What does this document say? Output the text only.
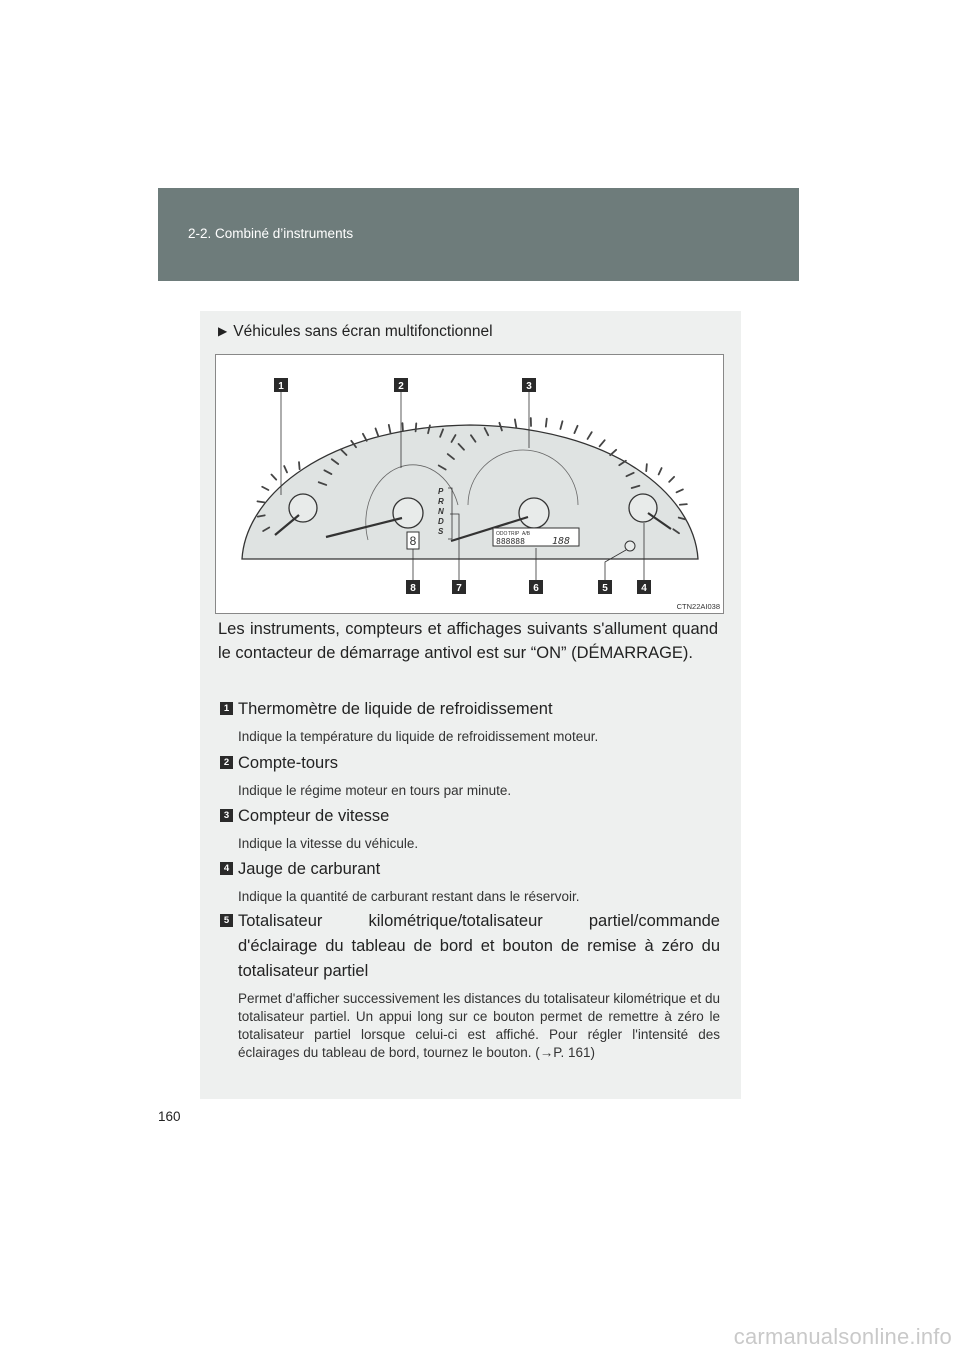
2-2. Combiné d’instruments
▶ Véhicules sans écran multifonctionnel
P
R
N
D
S
8	ODO TRIP A/B
888888	188
1	2	3
4
5
6
7
8
CTN22AI038
Les instruments, compteurs et affichages suivants s'allument quand le contacteur de démarrage antivol est sur “ON” (DÉMARRAGE).
1 Thermomètre de liquide de refroidissement
Indique la température du liquide de refroidissement moteur.
2 Compte-tours
Indique le régime moteur en tours par minute.
3 Compteur de vitesse
Indique la vitesse du véhicule.
4 Jauge de carburant
Indique la quantité de carburant restant dans le réservoir.
5 Totalisateur kilométrique/totalisateur partiel/commande d'éclairage du tableau de bord et bouton de remise à zéro du totalisateur partiel
Permet d'afficher successivement les distances du totalisateur kilométrique et du totalisateur partiel. Un appui long sur ce bouton permet de remettre à zéro le totalisateur partiel lorsque celui-ci est affiché. Pour régler l'intensité des éclairages du tableau de bord, tournez le bouton. (→P. 161)
160
carmanualsonline.info
